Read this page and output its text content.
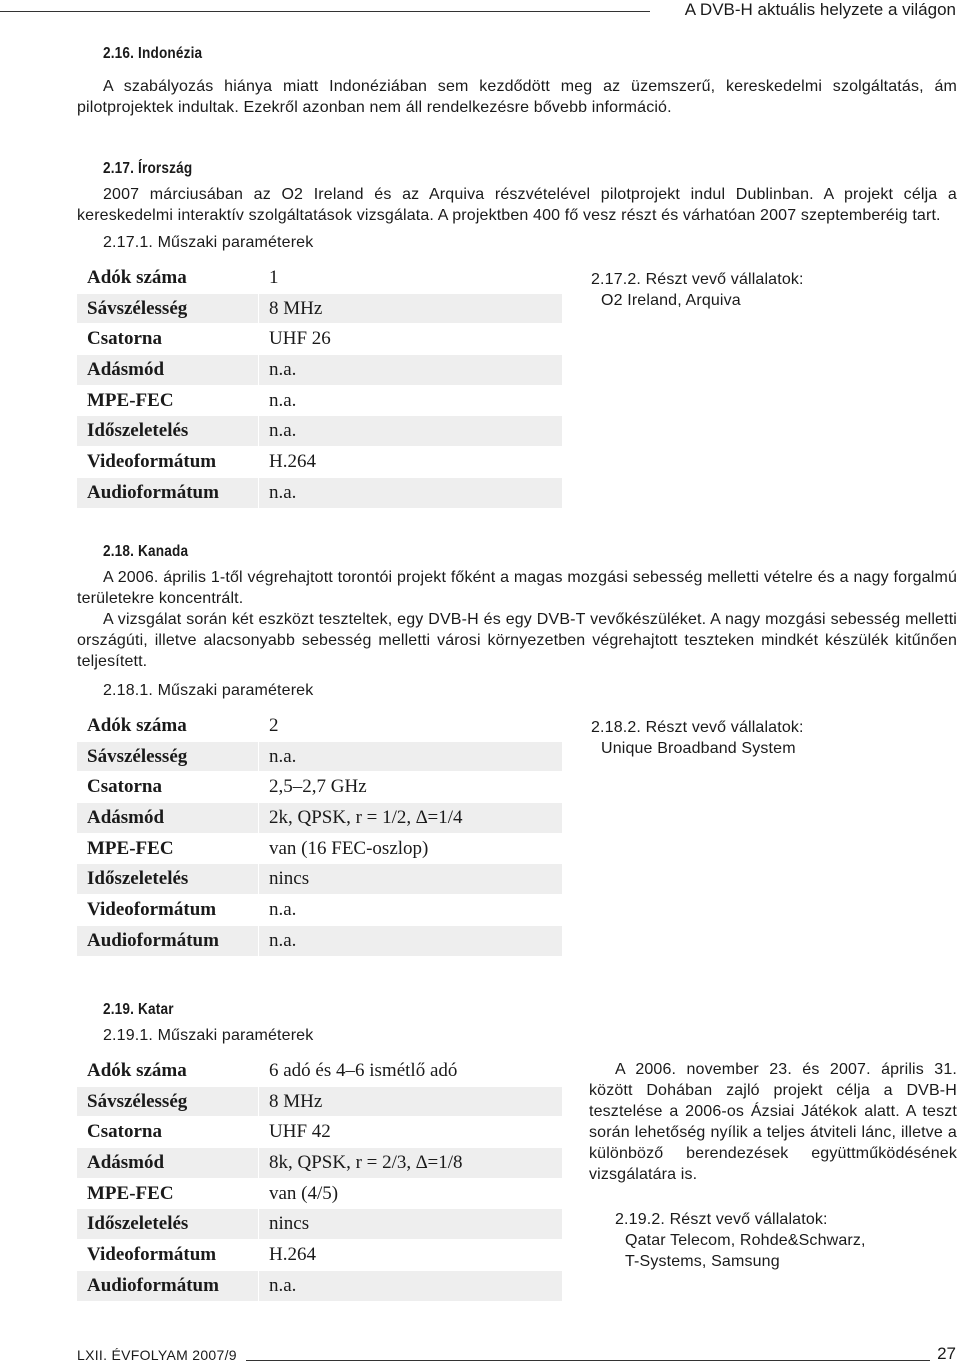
A DVB-H aktuális helyzete a világon
2.16. Indonézia
A szabályozás hiánya miatt Indonéziában sem kezdődött meg az üzemszerű, kereskedelmi szolgáltatás, ám pilotprojektek indultak. Ezekről azonban nem áll rendelkezésre bővebb információ.
2.17. Írország
2007 márciusában az O2 Ireland és az Arquiva részvételével pilotprojekt indul Dublinban. A projekt célja a kereskedelmi interaktív szolgáltatások vizsgálata. A projektben 400 fő vesz részt és várhatóan 2007 szeptemberéig tart.
2.17.1. Műszaki paraméterek
Adók száma	1
Sávszélesség	8 MHz
Csatorna	UHF 26
Adásmód	n.a.
MPE-FEC	n.a.
Időszeletelés	n.a.
Videoformátum	H.264
Audioformátum	n.a.
2.17.2. Részt vevő vállalatok:
O2 Ireland, Arquiva
2.18. Kanada
A 2006. április 1-től végrehajtott torontói projekt főként a magas mozgási sebesség melletti vételre és a nagy forgalmú területekre koncentrált.
A vizsgálat során két eszközt teszteltek, egy DVB-H és egy DVB-T vevőkészüléket. A nagy mozgási sebesség melletti országúti, illetve alacsonyabb sebesség melletti városi környezetben végrehajtott teszteken mindkét készülék kitűnően teljesített.
2.18.1. Műszaki paraméterek
Adók száma	2
Sávszélesség	n.a.
Csatorna	2,5–2,7 GHz
Adásmód	2k, QPSK, r = 1/2, ∆=1/4
MPE-FEC	van (16 FEC-oszlop)
Időszeletelés	nincs
Videoformátum	n.a.
Audioformátum	n.a.
2.18.2. Részt vevő vállalatok:
Unique Broadband System
2.19. Katar
2.19.1. Műszaki paraméterek
Adók száma	6 adó és 4–6 ismétlő adó
Sávszélesség	8 MHz
Csatorna	UHF 42
Adásmód	8k, QPSK, r = 2/3, ∆=1/8
MPE-FEC	van (4/5)
Időszeletelés	nincs
Videoformátum	H.264
Audioformátum	n.a.
A 2006. november 23. és 2007. április 31. között Dohában zajló projekt célja a DVB-H tesztelése a 2006-os Ázsiai Játékok alatt. A teszt során lehetőség nyílik a teljes átviteli lánc, illetve a különböző berendezések együttműködésének vizsgálatára is.
2.19.2. Részt vevő vállalatok:
Qatar Telecom, Rohde&Schwarz,
T-Systems, Samsung
LXII. ÉVFOLYAM 2007/9	27
